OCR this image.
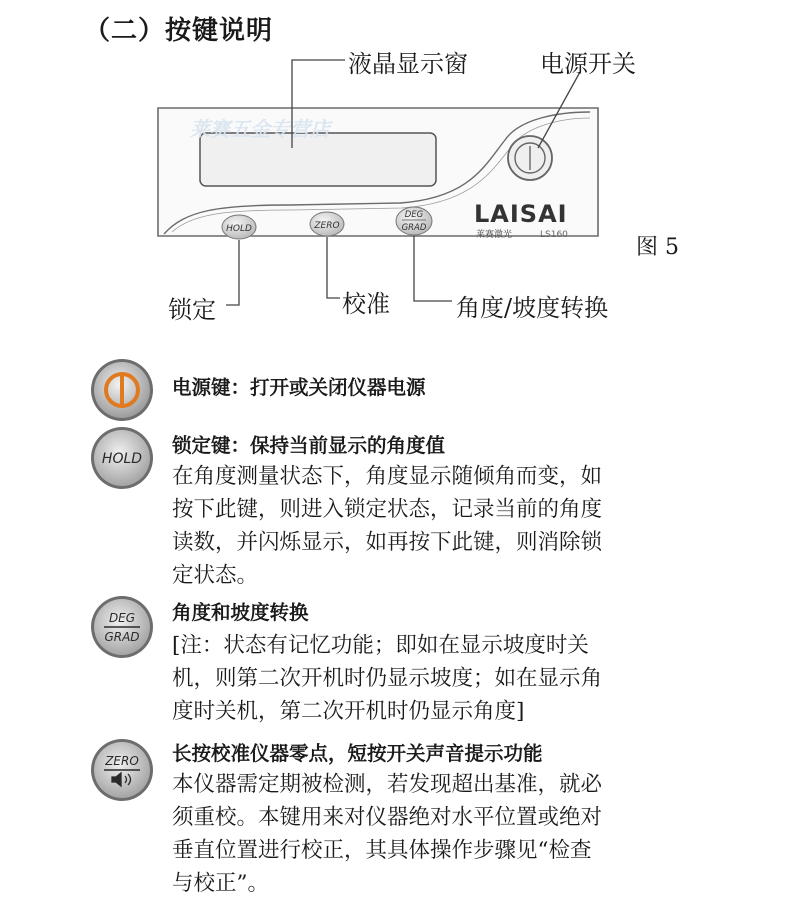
（二）按键说明
莱赛五金专营店
HOLD	ZERO
DEG
GRAD LAISAI
莱赛激光	LS160
液晶显示窗	电源开关
图 5
锁定	校准	角度/坡度转换
电源键：打开或关闭仪器电源
HOLD
锁定键：保持当前显示的角度值
在角度测量状态下，角度显示随倾角而变，如
按下此键，则进入锁定状态，记录当前的角度
读数，并闪烁显示，如再按下此键，则消除锁
定状态。
DEG
GRAD
角度和坡度转换
[注：状态有记忆功能；即如在显示坡度时关
机，则第二次开机时仍显示坡度；如在显示角
度时关机，第二次开机时仍显示角度]
ZERO 长按校准仪器零点，短按开关声音提示功能
本仪器需定期被检测，若发现超出基准，就必
须重校。本键用来对仪器绝对水平位置或绝对
垂直位置进行校正，其具体操作步骤见“检查
与校正”。
